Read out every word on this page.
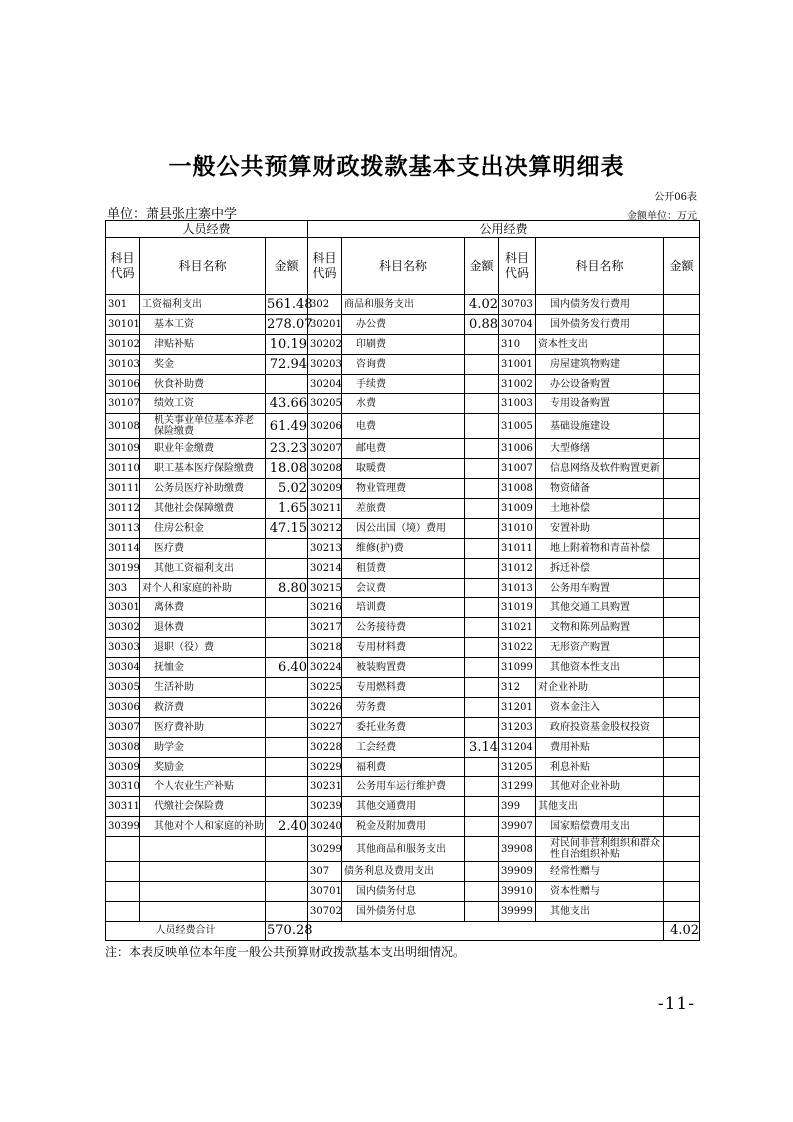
一般公共预算财政拨款基本支出决算明细表
公开06表
单位：萧县张庄寨中学	金额单位：万元
人员经费			公用经费					
科目代码	科目名称	金额	科目代码	科目名称	金额	科目代码	科目名称	金额
301	工资福利支出	561.48	302	商品和服务支出	4.02	30703	国内债务发行费用	
30101	基本工资	278.07	30201	办公费	0.88	30704	国外债务发行费用	
30102	津贴补贴	10.19	30202	印刷费		310	资本性支出	
30103	奖金	72.94	30203	咨询费		31001	房屋建筑物购建	
30106	伙食补助费		30204	手续费		31002	办公设备购置	
30107	绩效工资	43.66	30205	水费		31003	专用设备购置	
30108	机关事业单位基本养老保险缴费	61.49	30206	电费		31005	基础设施建设	
30109	职业年金缴费	23.23	30207	邮电费		31006	大型修缮	
30110	职工基本医疗保险缴费	18.08	30208	取暖费		31007	信息网络及软件购置更新	
30111	公务员医疗补助缴费	5.02	30209	物业管理费		31008	物资储备	
30112	其他社会保障缴费	1.65	30211	差旅费		31009	土地补偿	
30113	住房公积金	47.15	30212	因公出国（境）费用		31010	安置补助	
30114	医疗费		30213	维修(护)费		31011	地上附着物和青苗补偿	
30199	其他工资福利支出		30214	租赁费		31012	拆迁补偿	
303	对个人和家庭的补助	8.80	30215	会议费		31013	公务用车购置	
30301	离休费		30216	培训费		31019	其他交通工具购置	
30302	退休费		30217	公务接待费		31021	文物和陈列品购置	
30303	退职（役）费		30218	专用材料费		31022	无形资产购置	
30304	抚恤金	6.40	30224	被装购置费		31099	其他资本性支出	
30305	生活补助		30225	专用燃料费		312	对企业补助	
30306	救济费		30226	劳务费		31201	资本金注入	
30307	医疗费补助		30227	委托业务费		31203	政府投资基金股权投资	
30308	助学金		30228	工会经费	3.14	31204	费用补贴	
30309	奖励金		30229	福利费		31205	利息补贴	
30310	个人农业生产补贴		30231	公务用车运行维护费		31299	其他对企业补助	
30311	代缴社会保险费		30239	其他交通费用		399	其他支出	
30399	其他对个人和家庭的补助	2.40	30240	税金及附加费用		39907	国家赔偿费用支出	
			30299	其他商品和服务支出		39908	对民间非营利组织和群众性自治组织补贴	
			307	债务利息及费用支出		39909	经常性赠与	
			30701	国内债务付息		39910	资本性赠与	
			30702	国外债务付息		39999	其他支出	
人员经费合计		570.28						4.02
注：本表反映单位本年度一般公共预算财政拨款基本支出明细情况。
-11-
